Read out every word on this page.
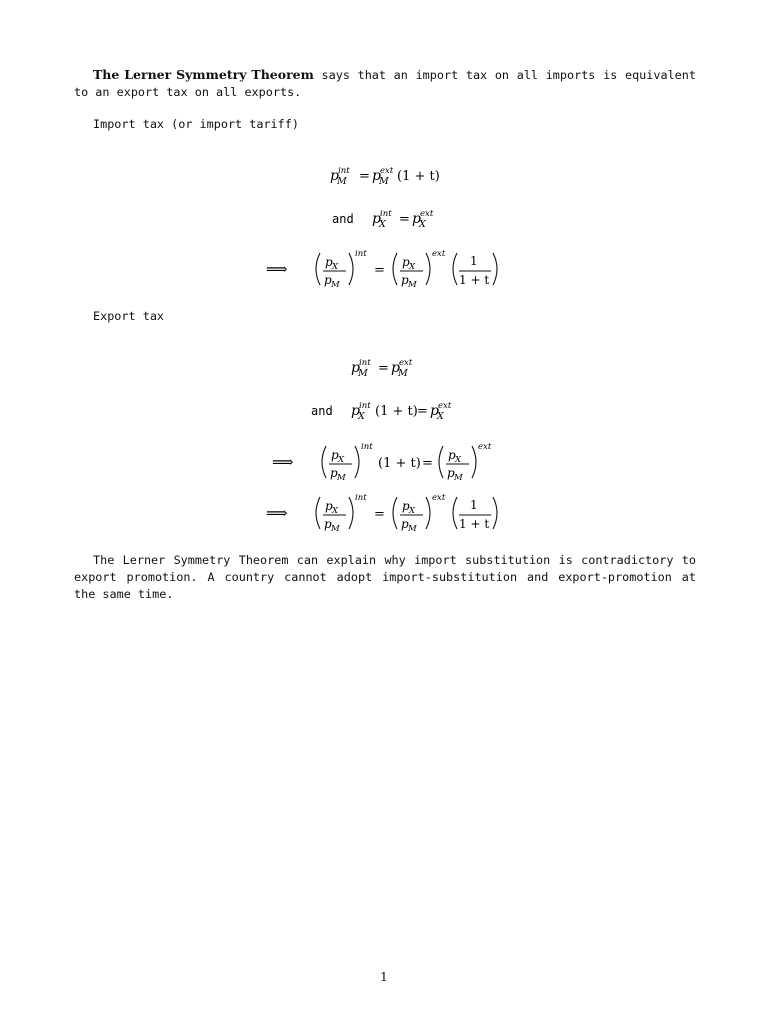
The Lerner Symmetry Theorem says that an import tax on all imports is equivalent to an export tax on all exports.

Import tax (or import tariff)
p int
M = p ext
M (1 + t)
and p int
X = p ext
X
⟹	p X
p M
int
=
p X
p M
ext 1
1 + t
Export tax
p int
M = p ext
M
and p int
X (1 + t) = p ext
X
⟹	p X
p M
int
(1 + t) =
p X
p M
ext
⟹	p X
p M
int
=
p X
p M
ext 1
1 + t

The Lerner Symmetry Theorem can explain why import substitution is contradictory to export promotion. A country cannot adopt import-substitution and export-promotion at the same time.

1
